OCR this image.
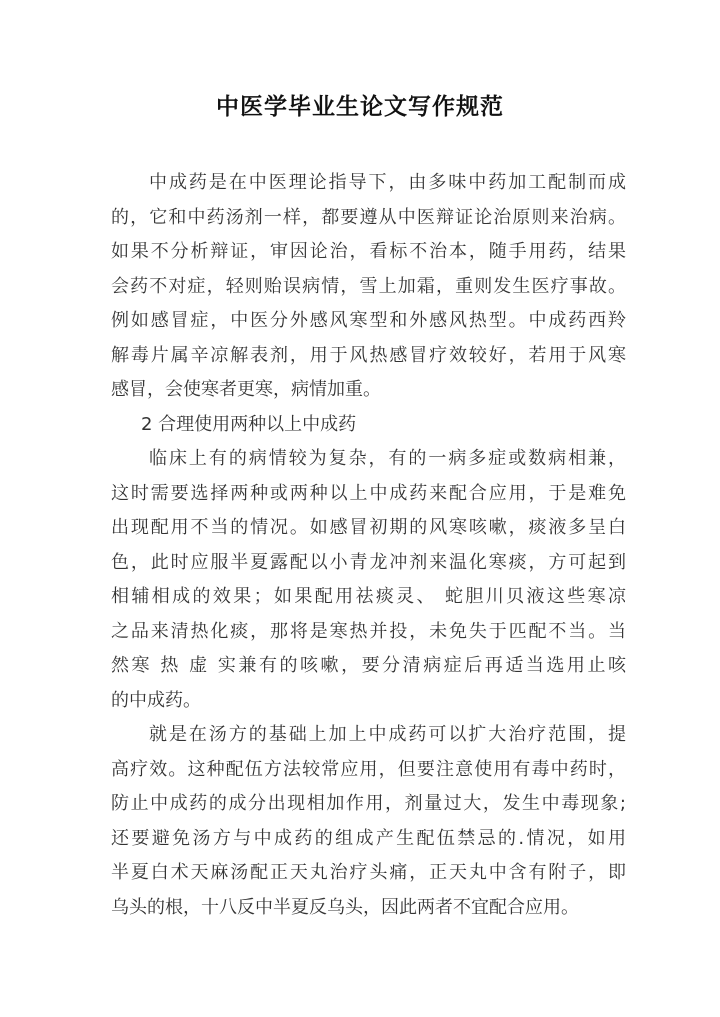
中医学毕业生论文写作规范
中成药是在中医理论指导下，由多味中药加工配制而成
的，它和中药汤剂一样，都要遵从中医辩证论治原则来治病。
如果不分析辩证，审因论治，看标不治本，随手用药，结果
会药不对症，轻则贻误病情，雪上加霜，重则发生医疗事故。
例如感冒症，中医分外感风寒型和外感风热型。中成药西羚
解毒片属辛凉解表剂，用于风热感冒疗效较好，若用于风寒
感冒，会使寒者更寒，病情加重。
2 合理使用两种以上中成药
临床上有的病情较为复杂，有的一病多症或数病相兼，
这时需要选择两种或两种以上中成药来配合应用，于是难免
出现配用不当的情况。如感冒初期的风寒咳嗽，痰液多呈白
色，此时应服半夏露配以小青龙冲剂来温化寒痰，方可起到
相辅相成的效果；如果配用祛痰灵、 蛇胆川贝液这些寒凉
之品来清热化痰，那将是寒热并投，未免失于匹配不当。当
然寒 热 虚 实兼有的咳嗽，要分清病症后再适当选用止咳
的中成药。
就是在汤方的基础上加上中成药可以扩大治疗范围，提
高疗效。这种配伍方法较常应用，但要注意使用有毒中药时，
防止中成药的成分出现相加作用，剂量过大，发生中毒现象;
还要避免汤方与中成药的组成产生配伍禁忌的.情况，如用
半夏白术天麻汤配正天丸治疗头痛，正天丸中含有附子，即
乌头的根，十八反中半夏反乌头，因此两者不宜配合应用。
